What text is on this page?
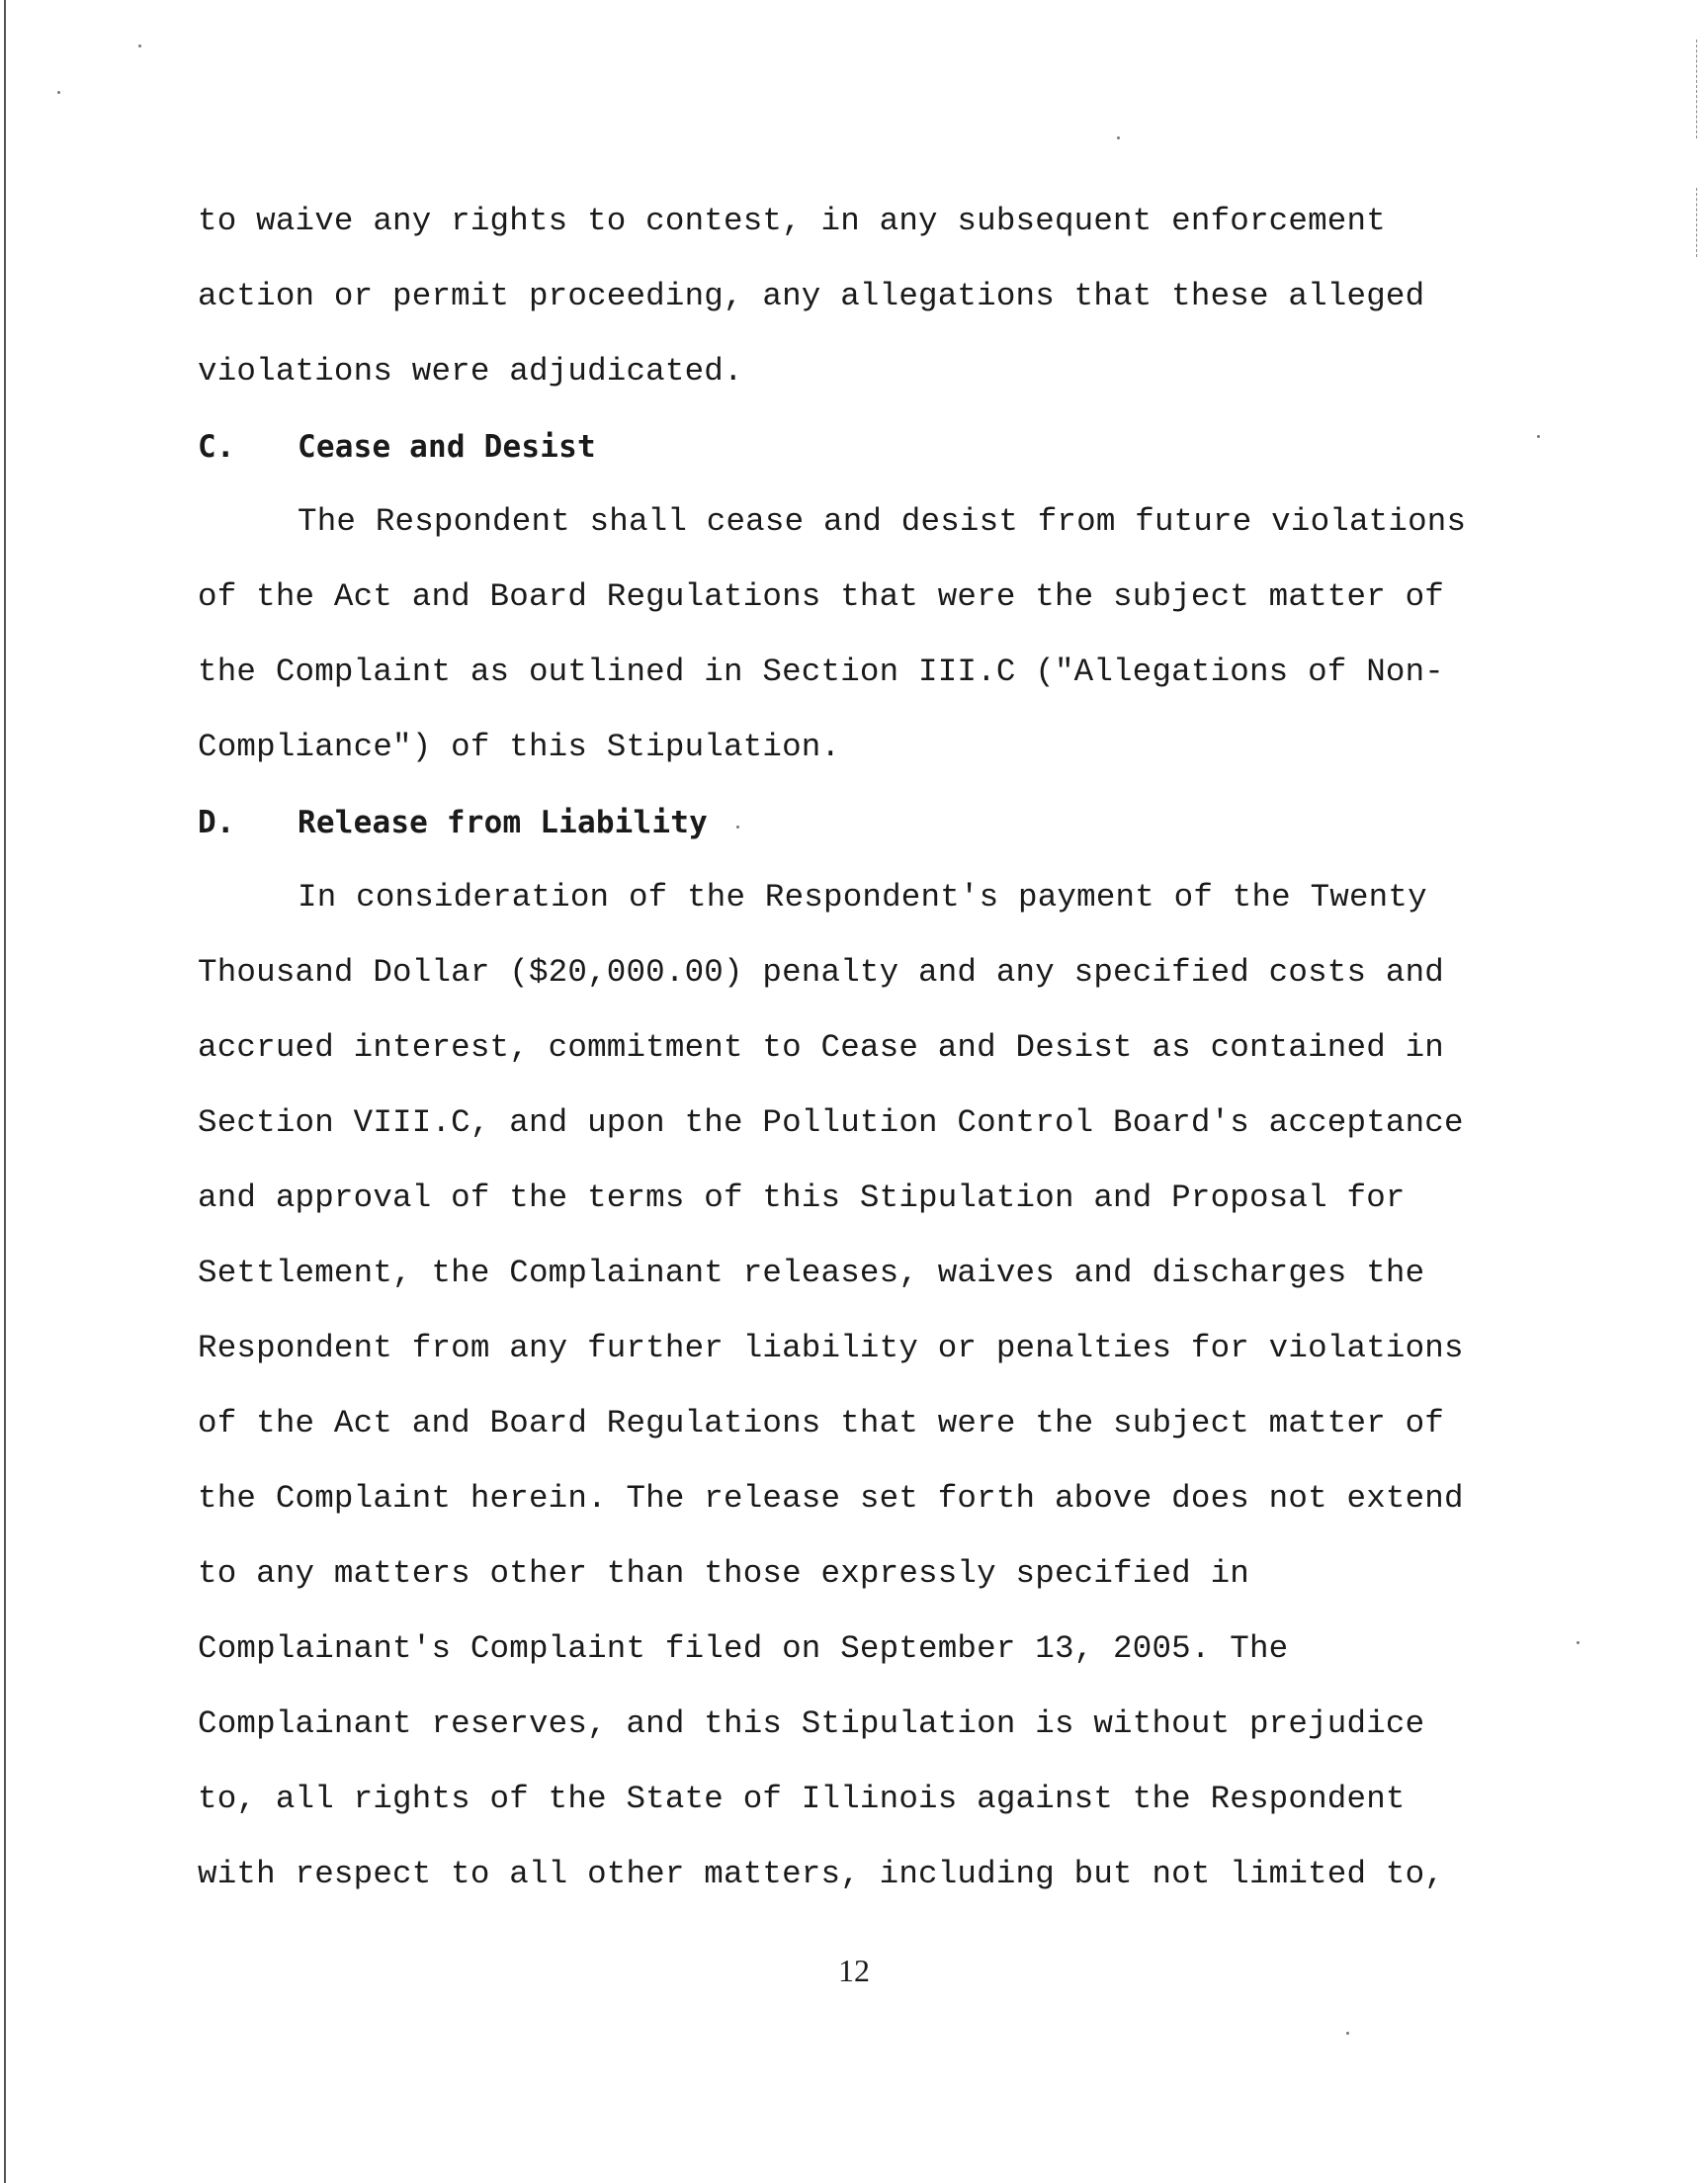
to waive any rights to contest, in any subsequent enforcement
action or permit proceeding, any allegations that these alleged
violations were adjudicated.
C. Cease and Desist
The Respondent shall cease and desist from future violations
of the Act and Board Regulations that were the subject matter of
the Complaint as outlined in Section III.C ("Allegations of Non-
Compliance") of this Stipulation.
D. Release from Liability
In consideration of the Respondent's payment of the Twenty
Thousand Dollar ($20,000.00) penalty and any specified costs and
accrued interest, commitment to Cease and Desist as contained in
Section VIII.C, and upon the Pollution Control Board's acceptance
and approval of the terms of this Stipulation and Proposal for
Settlement, the Complainant releases, waives and discharges the
Respondent from any further liability or penalties for violations
of the Act and Board Regulations that were the subject matter of
the Complaint herein. The release set forth above does not extend
to any matters other than those expressly specified in
Complainant's Complaint filed on September 13, 2005. The
Complainant reserves, and this Stipulation is without prejudice
to, all rights of the State of Illinois against the Respondent
with respect to all other matters, including but not limited to,
12
